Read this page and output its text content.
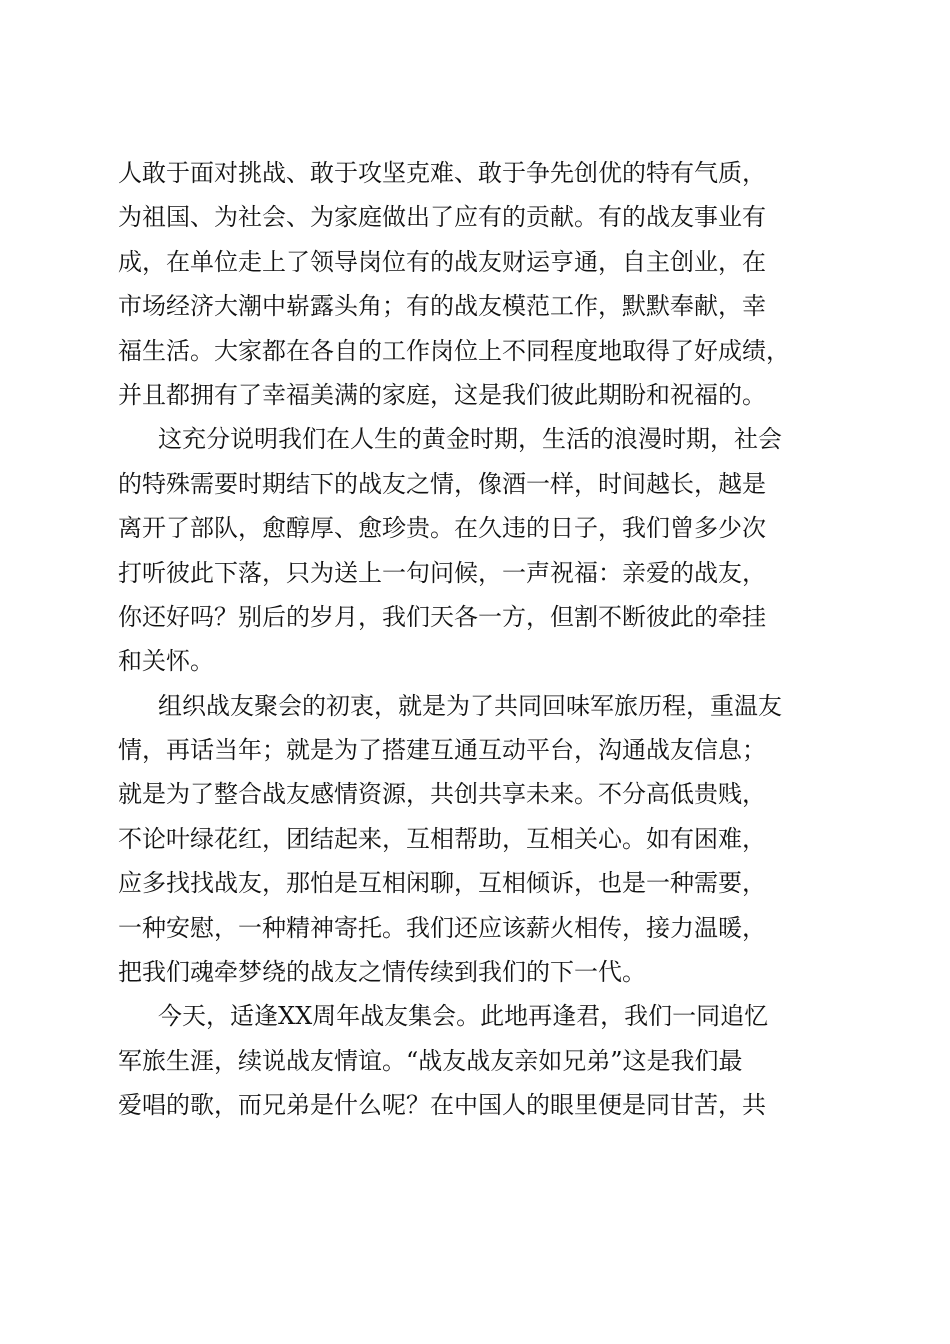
人敢于面对挑战、敢于攻坚克难、敢于争先创优的特有气质，
为祖国、为社会、为家庭做出了应有的贡献。有的战友事业有
成，在单位走上了领导岗位有的战友财运亨通，自主创业，在
市场经济大潮中崭露头角；有的战友模范工作，默默奉献，幸
福生活。大家都在各自的工作岗位上不同程度地取得了好成绩，
并且都拥有了幸福美满的家庭，这是我们彼此期盼和祝福的。

这充分说明我们在人生的黄金时期，生活的浪漫时期，社会
的特殊需要时期结下的战友之情，像酒一样，时间越长，越是
离开了部队，愈醇厚、愈珍贵。在久违的日子，我们曾多少次
打听彼此下落，只为送上一句问候，一声祝福：亲爱的战友，
你还好吗？别后的岁月，我们天各一方，但割不断彼此的牵挂
和关怀。

组织战友聚会的初衷，就是为了共同回味军旅历程，重温友
情，再话当年；就是为了搭建互通互动平台，沟通战友信息；
就是为了整合战友感情资源，共创共享未来。不分高低贵贱，
不论叶绿花红，团结起来，互相帮助，互相关心。如有困难，
应多找找战友，那怕是互相闲聊，互相倾诉，也是一种需要，
一种安慰，一种精神寄托。我们还应该薪火相传，接力温暖，
把我们魂牵梦绕的战友之情传续到我们的下一代。

今天，适逢XX周年战友集会。此地再逢君，我们一同追忆
军旅生涯，续说战友情谊。“战友战友亲如兄弟”这是我们最
爱唱的歌，而兄弟是什么呢？在中国人的眼里便是同甘苦，共
